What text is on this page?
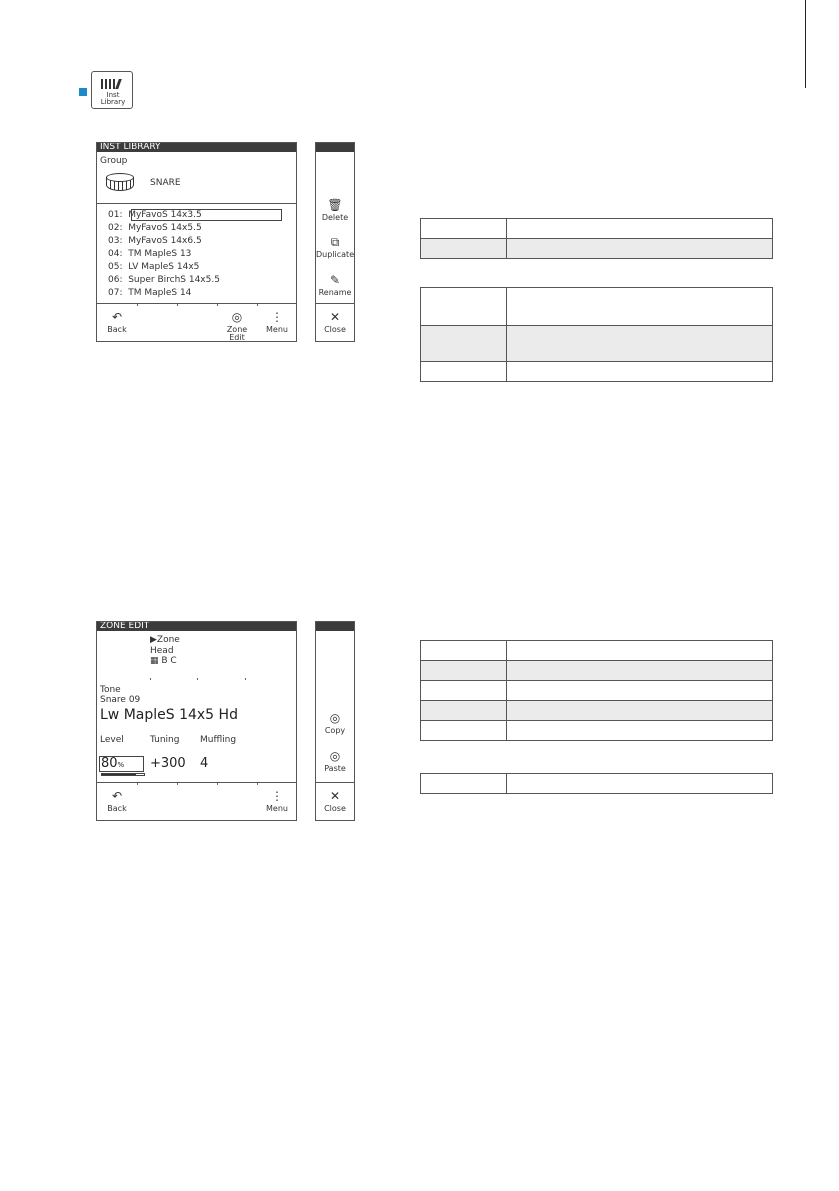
Inst
Library
INST LIBRARY
Group
SNARE
01: MyFavoS 14x3.5
02: MyFavoS 14x5.5
03: MyFavoS 14x6.5
04: TM MapleS 13
05: LV MapleS 14x5
06: Super BirchS 14x5.5
07: TM MapleS 14
↶
Back
◎
Zone
Edit
⋮
Menu
🗑
Delete
⧉
Duplicate
✎
Rename
✕
Close

ZONE EDIT
▶Zone
Head
▦ B C
Tone
Snare 09
Lw MapleS 14x5 Hd
Level	Tuning Muffling
80% +300 4
↶
Back
⋮
Menu
◎
Copy
◎
Paste
✕
Close
